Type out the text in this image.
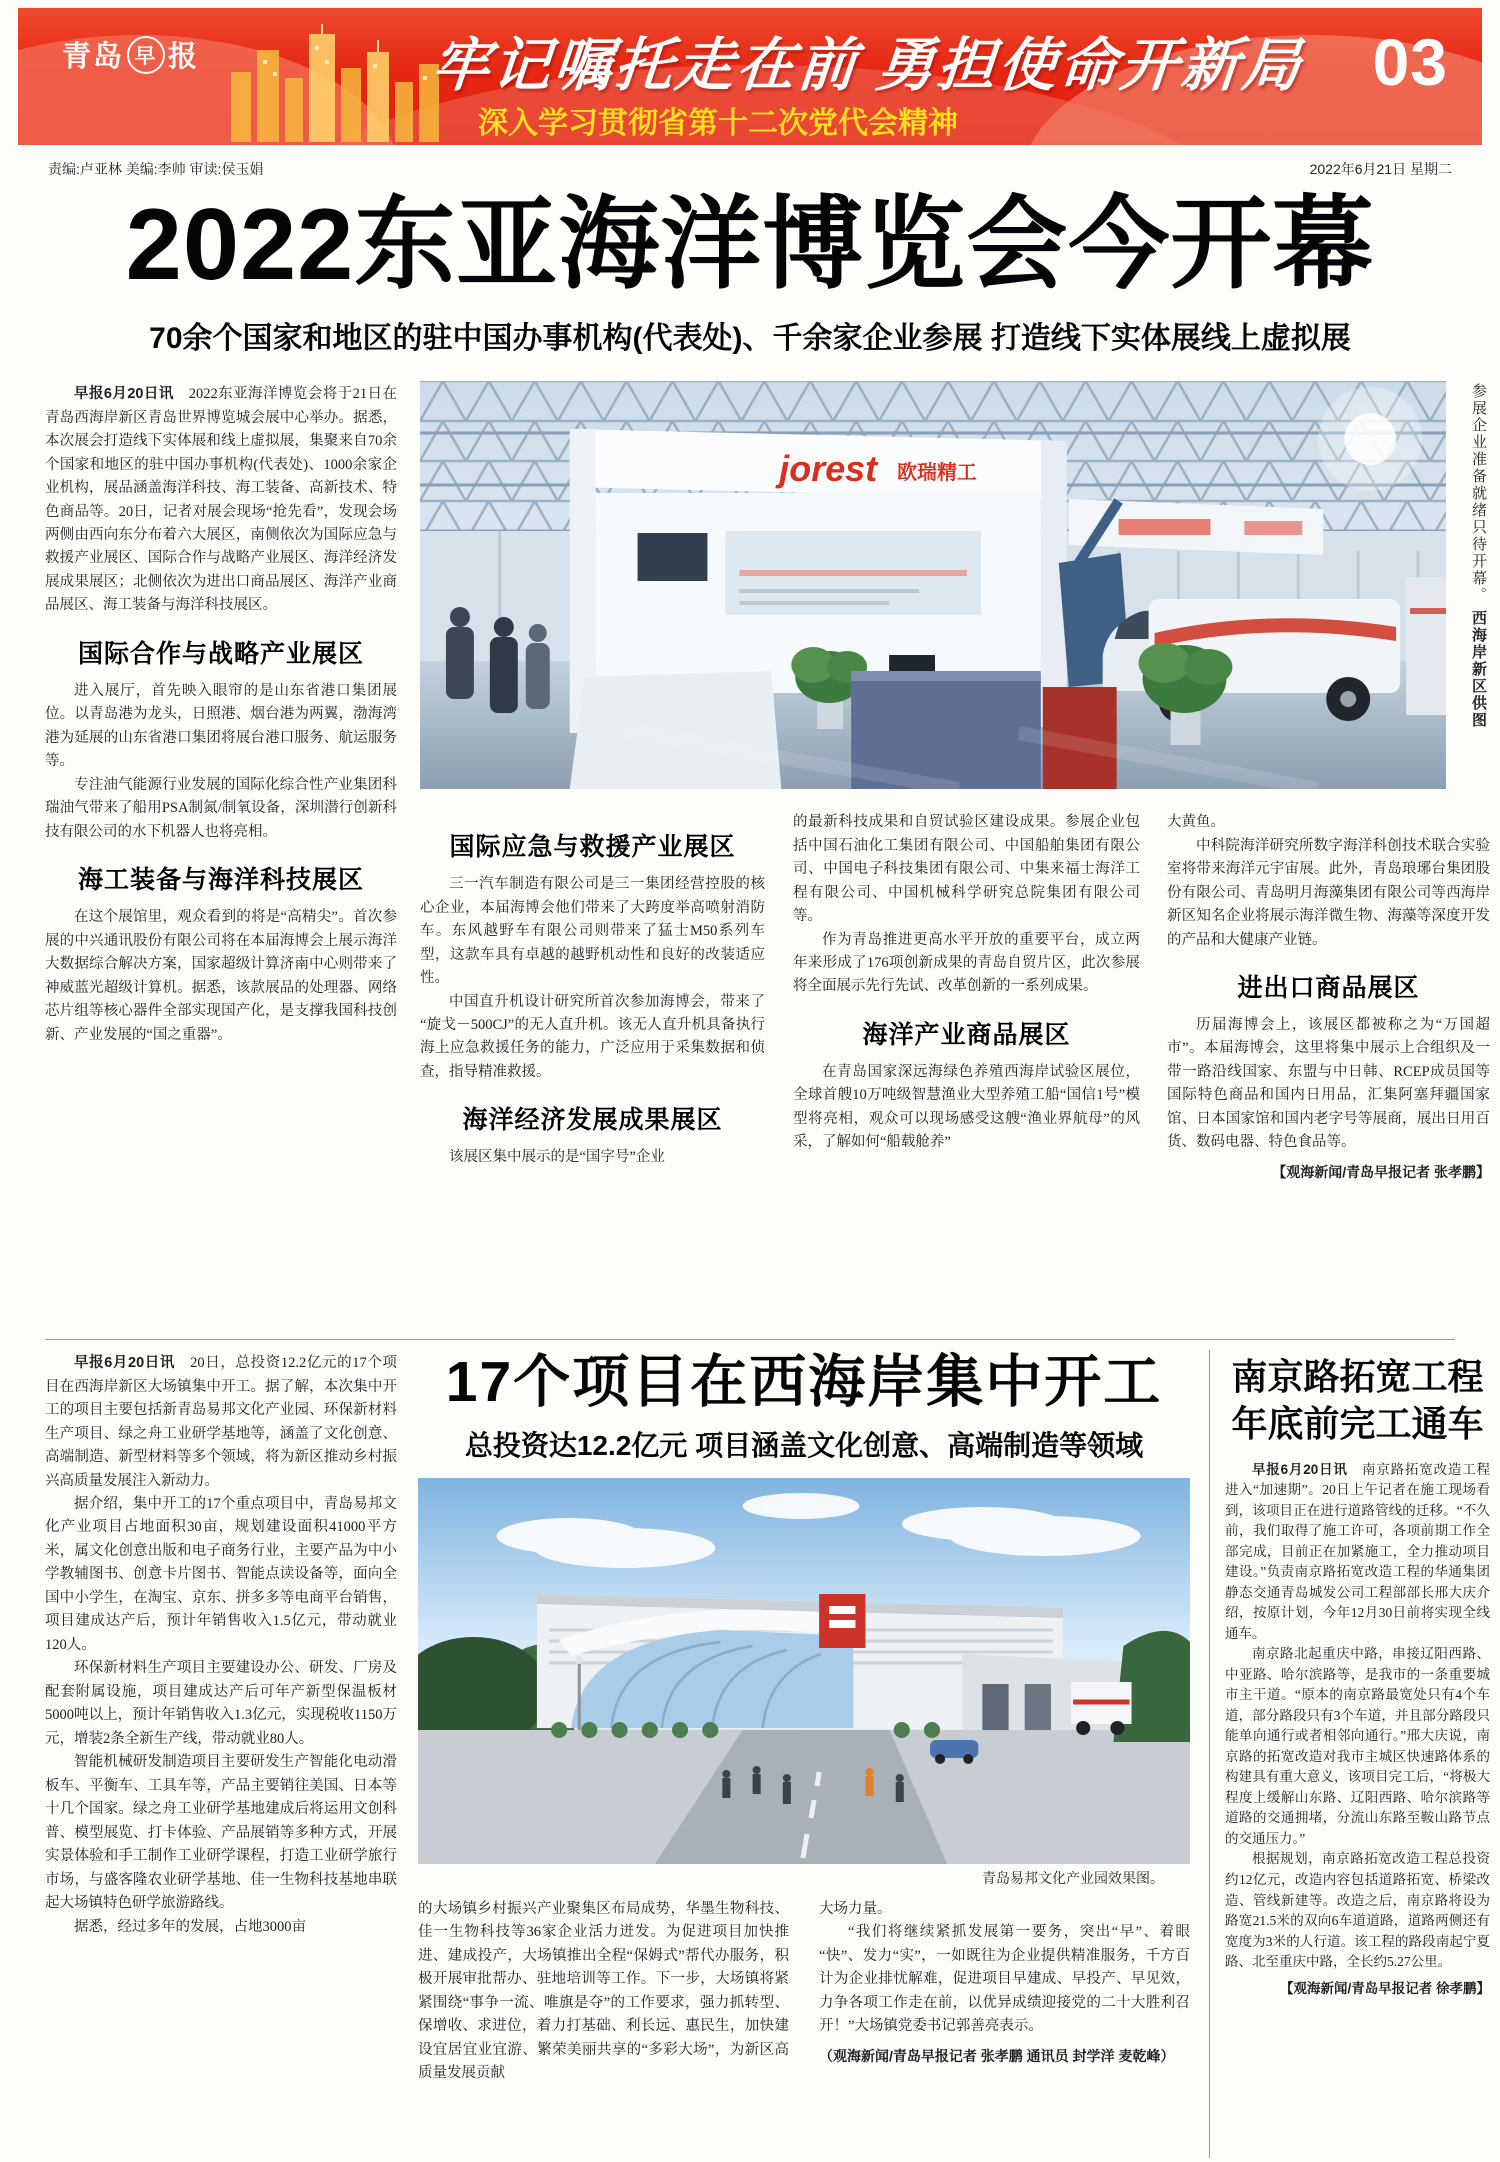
青岛 早 报	牢记嘱托走在前 勇担使命开新局
深入学习贯彻省第十二次党代会精神
03
责编:卢亚林 美编:李帅 审读:侯玉娟	2022年6月21日 星期二
2022东亚海洋博览会今开幕
70余个国家和地区的驻中国办事机构(代表处)、千余家企业参展 打造线下实体展线上虚拟展

早报6月20日讯　2022东亚海洋博览会将于21日在青岛西海岸新区青岛世界博览城会展中心举办。据悉，本次展会打造线下实体展和线上虚拟展，集聚来自70余个国家和地区的驻中国办事机构(代表处)、1000余家企业机构，展品涵盖海洋科技、海工装备、高新技术、特色商品等。20日，记者对展会现场“抢先看”，发现会场两侧由西向东分布着六大展区，南侧依次为国际应急与救援产业展区、国际合作与战略产业展区、海洋经济发展成果展区；北侧依次为进出口商品展区、海洋产业商品展区、海工装备与海洋科技展区。

国际合作与战略产业展区

进入展厅，首先映入眼帘的是山东省港口集团展位。以青岛港为龙头，日照港、烟台港为两翼，渤海湾港为延展的山东省港口集团将展台港口服务、航运服务等。

专注油气能源行业发展的国际化综合性产业集团科瑞油气带来了船用PSA制氮/制氧设备，深圳潜行创新科技有限公司的水下机器人也将亮相。

海工装备与海洋科技展区

在这个展馆里，观众看到的将是“高精尖”。首次参展的中兴通讯股份有限公司将在本届海博会上展示海洋大数据综合解决方案，国家超级计算济南中心则带来了神威蓝光超级计算机。据悉，该款展品的处理器、网络芯片组等核心器件全部实现国产化，是支撑我国科技创新、产业发展的“国之重器”。

jorest 欧瑞精工	参展企业准备就绪只待开幕。 西海岸新区供图
国际应急与救援产业展区

三一汽车制造有限公司是三一集团经营控股的核心企业，本届海博会他们带来了大跨度举高喷射消防车。东风越野车有限公司则带来了猛士M50系列车型，这款车具有卓越的越野机动性和良好的改装适应性。

中国直升机设计研究所首次参加海博会，带来了“旋戈－500CJ”的无人直升机。该无人直升机具备执行海上应急救援任务的能力，广泛应用于采集数据和侦查，指导精准救援。

海洋经济发展成果展区

该展区集中展示的是“国字号”企业

的最新科技成果和自贸试验区建设成果。参展企业包括中国石油化工集团有限公司、中国船舶集团有限公司、中国电子科技集团有限公司、中集来福士海洋工程有限公司、中国机械科学研究总院集团有限公司等。

作为青岛推进更高水平开放的重要平台，成立两年来形成了176项创新成果的青岛自贸片区，此次参展将全面展示先行先试、改革创新的一系列成果。

海洋产业商品展区

在青岛国家深远海绿色养殖西海岸试验区展位，全球首艘10万吨级智慧渔业大型养殖工船“国信1号”模型将亮相，观众可以现场感受这艘“渔业界航母”的风采，了解如何“船载舱养”

大黄鱼。

中科院海洋研究所数字海洋科创技术联合实验室将带来海洋元宇宙展。此外，青岛琅琊台集团股份有限公司、青岛明月海藻集团有限公司等西海岸新区知名企业将展示海洋微生物、海藻等深度开发的产品和大健康产业链。

进出口商品展区

历届海博会上，该展区都被称之为“万国超市”。本届海博会，这里将集中展示上合组织及一带一路沿线国家、东盟与中日韩、RCEP成员国等国际特色商品和国内日用品，汇集阿塞拜疆国家馆、日本国家馆和国内老字号等展商，展出日用百货、数码电器、特色食品等。

【观海新闻/青岛早报记者 张孝鹏】

早报6月20日讯　20日，总投资12.2亿元的17个项目在西海岸新区大场镇集中开工。据了解，本次集中开工的项目主要包括新青岛易邦文化产业园、环保新材料生产项目、绿之舟工业研学基地等，涵盖了文化创意、高端制造、新型材料等多个领域，将为新区推动乡村振兴高质量发展注入新动力。

据介绍，集中开工的17个重点项目中，青岛易邦文化产业项目占地面积30亩，规划建设面积41000平方米，属文化创意出版和电子商务行业，主要产品为中小学教辅图书、创意卡片图书、智能点读设备等，面向全国中小学生，在淘宝、京东、拼多多等电商平台销售，项目建成达产后，预计年销售收入1.5亿元，带动就业120人。

环保新材料生产项目主要建设办公、研发、厂房及配套附属设施，项目建成达产后可年产新型保温板材5000吨以上，预计年销售收入1.3亿元，实现税收1150万元，增装2条全新生产线，带动就业80人。

智能机械研发制造项目主要研发生产智能化电动滑板车、平衡车、工具车等，产品主要销往美国、日本等十几个国家。绿之舟工业研学基地建成后将运用文创科普、模型展览、打卡体验、产品展销等多种方式，开展实景体验和手工制作工业研学课程，打造工业研学旅行市场，与盛客隆农业研学基地、佳一生物科技基地串联起大场镇特色研学旅游路线。

据悉，经过多年的发展，占地3000亩

17个项目在西海岸集中开工
总投资达12.2亿元 项目涵盖文化创意、高端制造等领域
青岛易邦文化产业园效果图。

的大场镇乡村振兴产业聚集区布局成势，华墨生物科技、佳一生物科技等36家企业活力迸发。为促进项目加快推进、建成投产，大场镇推出全程“保姆式”帮代办服务，积极开展审批帮办、驻地培训等工作。下一步，大场镇将紧紧围绕“事争一流、唯旗是夺”的工作要求，强力抓转型、保增收、求进位，着力打基础、利长远、惠民生，加快建设宜居宜业宜游、繁荣美丽共享的“多彩大场”，为新区高质量发展贡献

大场力量。

“我们将继续紧抓发展第一要务，突出“早”、着眼“快”、发力“实”，一如既往为企业提供精准服务，千方百计为企业排忧解难，促进项目早建成、早投产、早见效，力争各项工作走在前，以优异成绩迎接党的二十大胜利召开！”大场镇党委书记郭善亮表示。

（观海新闻/青岛早报记者 张孝鹏 通讯员 封学洋 麦乾峰）

南京路拓宽工程
年底前完工通车

早报6月20日讯　南京路拓宽改造工程进入“加速期”。20日上午记者在施工现场看到，该项目正在进行道路管线的迁移。“不久前，我们取得了施工许可，各项前期工作全部完成，目前正在加紧施工，全力推动项目建设。”负责南京路拓宽改造工程的华通集团静态交通青岛城发公司工程部部长邢大庆介绍，按原计划，今年12月30日前将实现全线通车。

南京路北起重庆中路，串接辽阳西路、中亚路、哈尔滨路等，是我市的一条重要城市主干道。“原本的南京路最宽处只有4个车道，部分路段只有3个车道，并且部分路段只能单向通行或者相邻向通行。”邢大庆说，南京路的拓宽改造对我市主城区快速路体系的构建具有重大意义，该项目完工后，“将极大程度上缓解山东路、辽阳西路、哈尔滨路等道路的交通拥堵，分流山东路至鞍山路节点的交通压力。”

根据规划，南京路拓宽改造工程总投资约12亿元，改造内容包括道路拓宽、桥梁改造、管线新建等。改造之后，南京路将设为路宽21.5米的双向6车道道路，道路两侧还有宽度为3米的人行道。该工程的路段南起宁夏路、北至重庆中路，全长约5.27公里。

【观海新闻/青岛早报记者 徐孝鹏】
